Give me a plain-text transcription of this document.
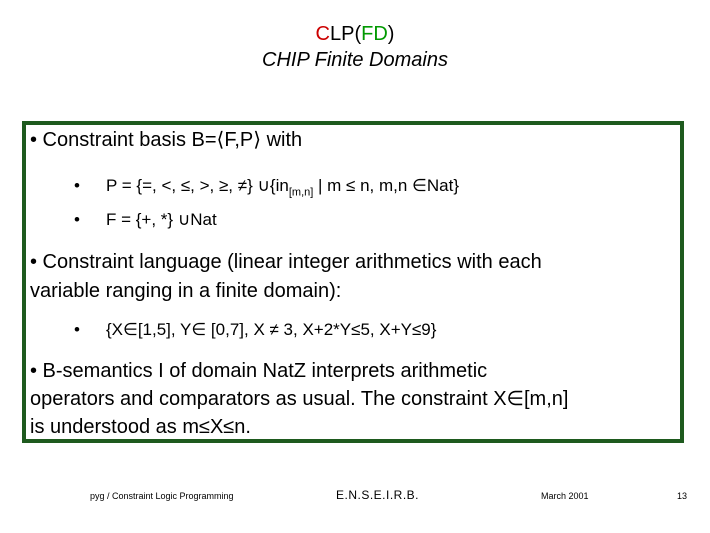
CLP(FD)
CHIP Finite Domains
• Constraint basis B=⟨F,P⟩ with
• P = {=, <, ≤, >, ≥, ≠} $\cup\{in_{[m,n]}$ | m ≤ n, m,n ∈Nat}
• F = {+, *} ∪Nat
• Constraint language (linear integer arithmetics with each
variable ranging in a finite domain):
• {X∈[1,5], Y∈ [0,7], X ≠ 3, X+2*Y≤5, X+Y≤9}
• B-semantics I of domain NatZ interprets arithmetic
operators and comparators as usual. The constraint X∈[m,n]
is understood as m≤X≤n.
pyg / Constraint Logic Programming	E.N.S.E.I.R.B.	March 2001	13
